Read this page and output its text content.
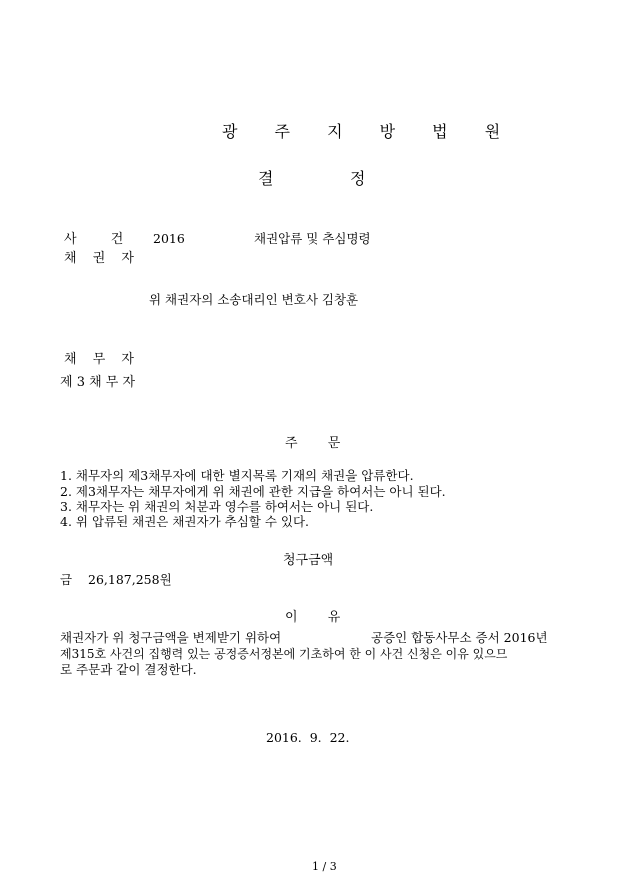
광 주 지 방 법 원
결	정
사 건 2016	채권압류 및 추심명령
채 권 자
위 채권자의 소송대리인 변호사 김창훈
채 무 자
제 3 채 무 자
주 문
1. 채무자의 제3채무자에 대한 별지목록 기재의 채권을 압류한다.
2. 제3채무자는 채무자에게 위 채권에 관한 지급을 하여서는 아니 된다.
3. 채무자는 위 채권의 처분과 영수를 하여서는 아니 된다.
4. 위 압류된 채권은 채권자가 추심할 수 있다.
청구금액
금 26,187,258원
이 유
채권자가 위 청구금액을 변제받기 위하여	공증인 합동사무소 증서 2016년
제315호 사건의 집행력 있는 공정증서정본에 기초하여 한 이 사건 신청은 이유 있으므
로 주문과 같이 결정한다.
2016.  9.  22.
1 / 3
